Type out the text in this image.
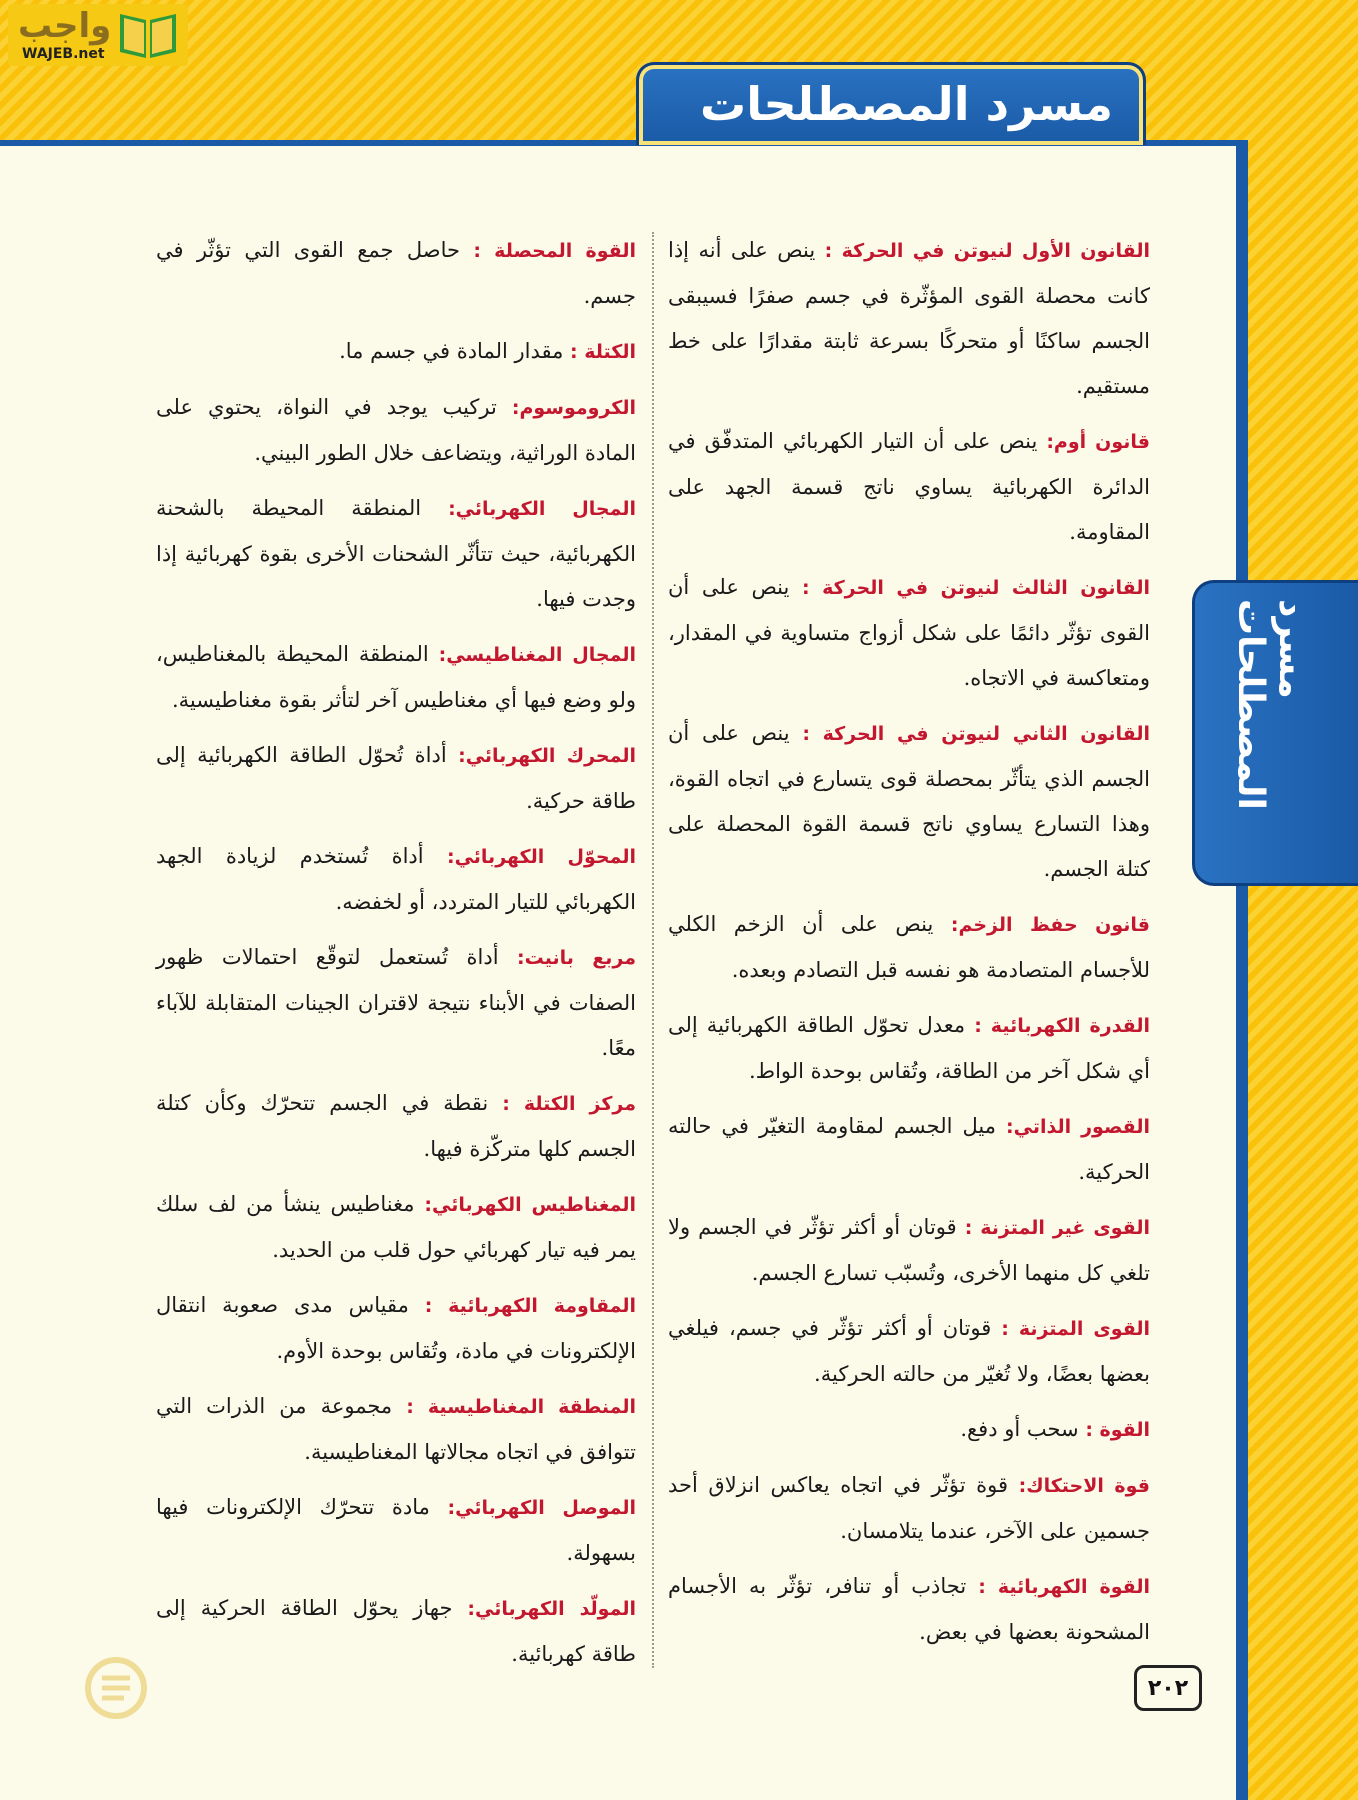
واجب
WAJEB.net
مسرد المصطلحات
مسرد المصطلحات

القانون الأول لنيوتن في الحركة : ينص على أنه إذا كانت محصلة القوى المؤثّرة في جسم صفرًا فسيبقى الجسم ساكنًا أو متحركًا بسرعة ثابتة مقدارًا على خط مستقيم.

قانون أوم: ينص على أن التيار الكهربائي المتدفّق في الدائرة الكهربائية يساوي ناتج قسمة الجهد على المقاومة.

القانون الثالث لنيوتن في الحركة : ينص على أن القوى تؤثّر دائمًا على شكل أزواج متساوية في المقدار، ومتعاكسة في الاتجاه.

القانون الثاني لنيوتن في الحركة : ينص على أن الجسم الذي يتأثّر بمحصلة قوى يتسارع في اتجاه القوة، وهذا التسارع يساوي ناتج قسمة القوة المحصلة على كتلة الجسم.

قانون حفظ الزخم: ينص على أن الزخم الكلي للأجسام المتصادمة هو نفسه قبل التصادم وبعده.

القدرة الكهربائية : معدل تحوّل الطاقة الكهربائية إلى أي شكل آخر من الطاقة، وتُقاس بوحدة الواط.

القصور الذاتي: ميل الجسم لمقاومة التغيّر في حالته الحركية.

القوى غير المتزنة : قوتان أو أكثر تؤثّر في الجسم ولا تلغي كل منهما الأخرى، وتُسبّب تسارع الجسم.

القوى المتزنة : قوتان أو أكثر تؤثّر في جسم، فيلغي بعضها بعضًا، ولا تُغيّر من حالته الحركية.

القوة : سحب أو دفع.

قوة الاحتكاك: قوة تؤثّر في اتجاه يعاكس انزلاق أحد جسمين على الآخر، عندما يتلامسان.

القوة الكهربائية : تجاذب أو تنافر، تؤثّر به الأجسام المشحونة بعضها في بعض.

القوة المحصلة : حاصل جمع القوى التي تؤثّر في جسم.

الكتلة : مقدار المادة في جسم ما.

الكروموسوم: تركيب يوجد في النواة، يحتوي على المادة الوراثية، ويتضاعف خلال الطور البيني.

المجال الكهربائي: المنطقة المحيطة بالشحنة الكهربائية، حيث تتأثّر الشحنات الأخرى بقوة كهربائية إذا وجدت فيها.

المجال المغناطيسي: المنطقة المحيطة بالمغناطيس، ولو وضع فيها أي مغناطيس آخر لتأثر بقوة مغناطيسية.

المحرك الكهربائي: أداة تُحوّل الطاقة الكهربائية إلى طاقة حركية.

المحوّل الكهربائي: أداة تُستخدم لزيادة الجهد الكهربائي للتيار المتردد، أو لخفضه.

مربع بانيت: أداة تُستعمل لتوقّع احتمالات ظهور الصفات في الأبناء نتيجة لاقتران الجينات المتقابلة للآباء معًا.

مركز الكتلة : نقطة في الجسم تتحرّك وكأن كتلة الجسم كلها متركّزة فيها.

المغناطيس الكهربائي: مغناطيس ينشأ من لف سلك يمر فيه تيار كهربائي حول قلب من الحديد.

المقاومة الكهربائية : مقياس مدى صعوبة انتقال الإلكترونات في مادة، وتُقاس بوحدة الأوم.

المنطقة المغناطيسية : مجموعة من الذرات التي تتوافق في اتجاه مجالاتها المغناطيسية.

الموصل الكهربائي: مادة تتحرّك الإلكترونات فيها بسهولة.

المولّد الكهربائي: جهاز يحوّل الطاقة الحركية إلى طاقة كهربائية.

٢٠٢
